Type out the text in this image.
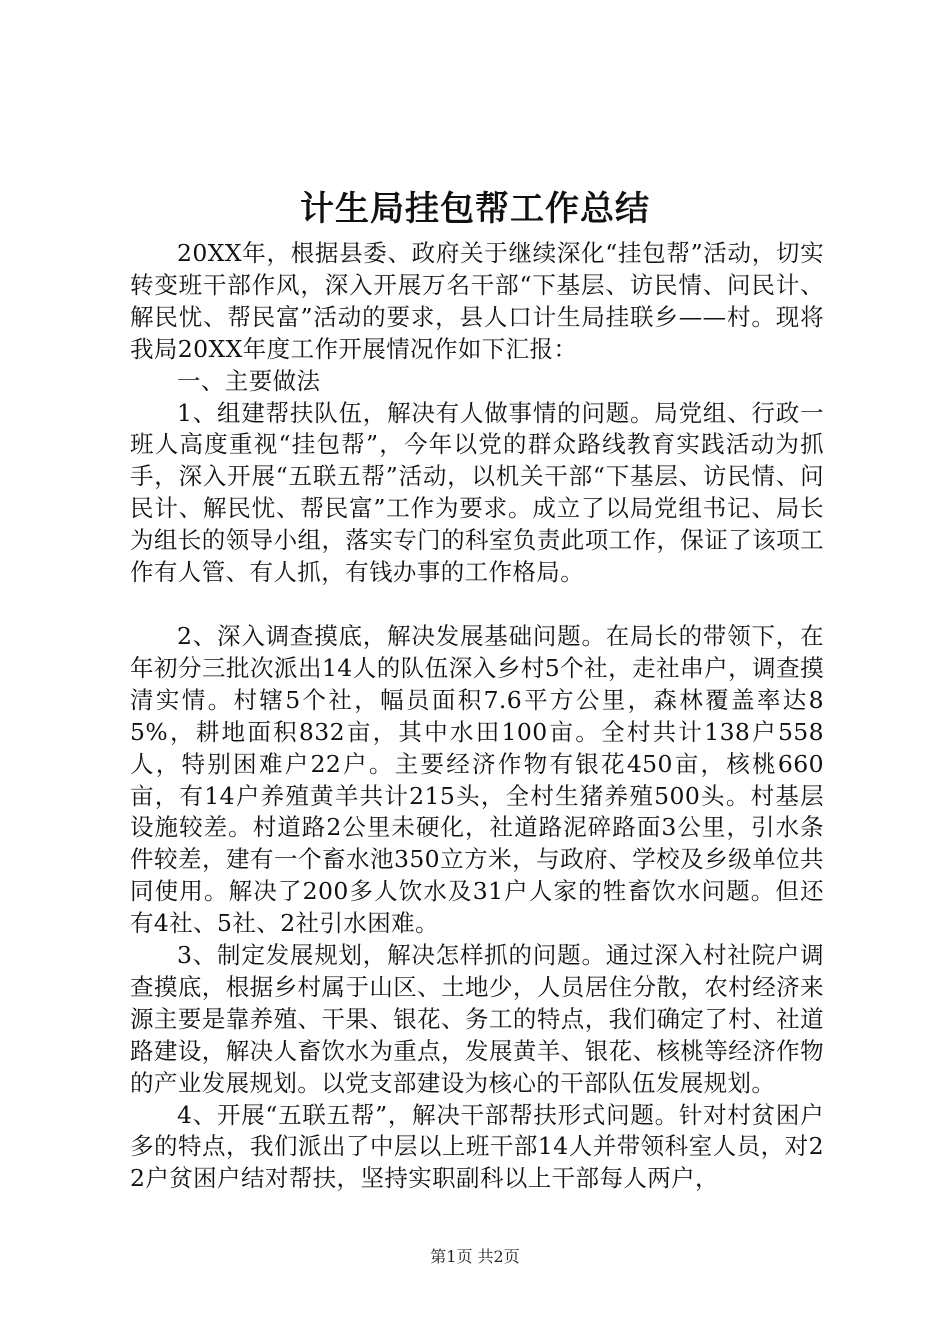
计生局挂包帮工作总结

20XX年，根据县委、政府关于继续深化“挂包帮”活动，切实转变班干部作风，深入开展万名干部“下基层、访民情、问民计、解民忧、帮民富”活动的要求，县人口计生局挂联乡——村。现将我局20XX年度工作开展情况作如下汇报：

一、主要做法

1、组建帮扶队伍，解决有人做事情的问题。局党组、行政一班人高度重视“挂包帮”，今年以党的群众路线教育实践活动为抓手，深入开展“五联五帮”活动，以机关干部“下基层、访民情、问民计、解民忧、帮民富”工作为要求。成立了以局党组书记、局长为组长的领导小组，落实专门的科室负责此项工作，保证了该项工作有人管、有人抓，有钱办事的工作格局。

2、深入调查摸底，解决发展基础问题。在局长的带领下，在年初分三批次派出14人的队伍深入乡村5个社，走社串户，调查摸清实情。村辖5个社，幅员面积7.6平方公里，森林覆盖率达85%，耕地面积832亩，其中水田100亩。全村共计138户558人，特别困难户22户。主要经济作物有银花450亩，核桃660亩，有14户养殖黄羊共计215头，全村生猪养殖500头。村基层设施较差。村道路2公里未硬化，社道路泥碎路面3公里，引水条件较差，建有一个畜水池350立方米，与政府、学校及乡级单位共同使用。解决了200多人饮水及31户人家的牲畜饮水问题。但还有4社、5社、2社引水困难。

3、制定发展规划，解决怎样抓的问题。通过深入村社院户调查摸底，根据乡村属于山区、土地少，人员居住分散，农村经济来源主要是靠养殖、干果、银花、务工的特点，我们确定了村、社道路建设，解决人畜饮水为重点，发展黄羊、银花、核桃等经济作物的产业发展规划。以党支部建设为核心的干部队伍发展规划。

4、开展“五联五帮”，解决干部帮扶形式问题。针对村贫困户多的特点，我们派出了中层以上班干部14人并带领科室人员，对22户贫困户结对帮扶，坚持实职副科以上干部每人两户，

第1页 共2页
